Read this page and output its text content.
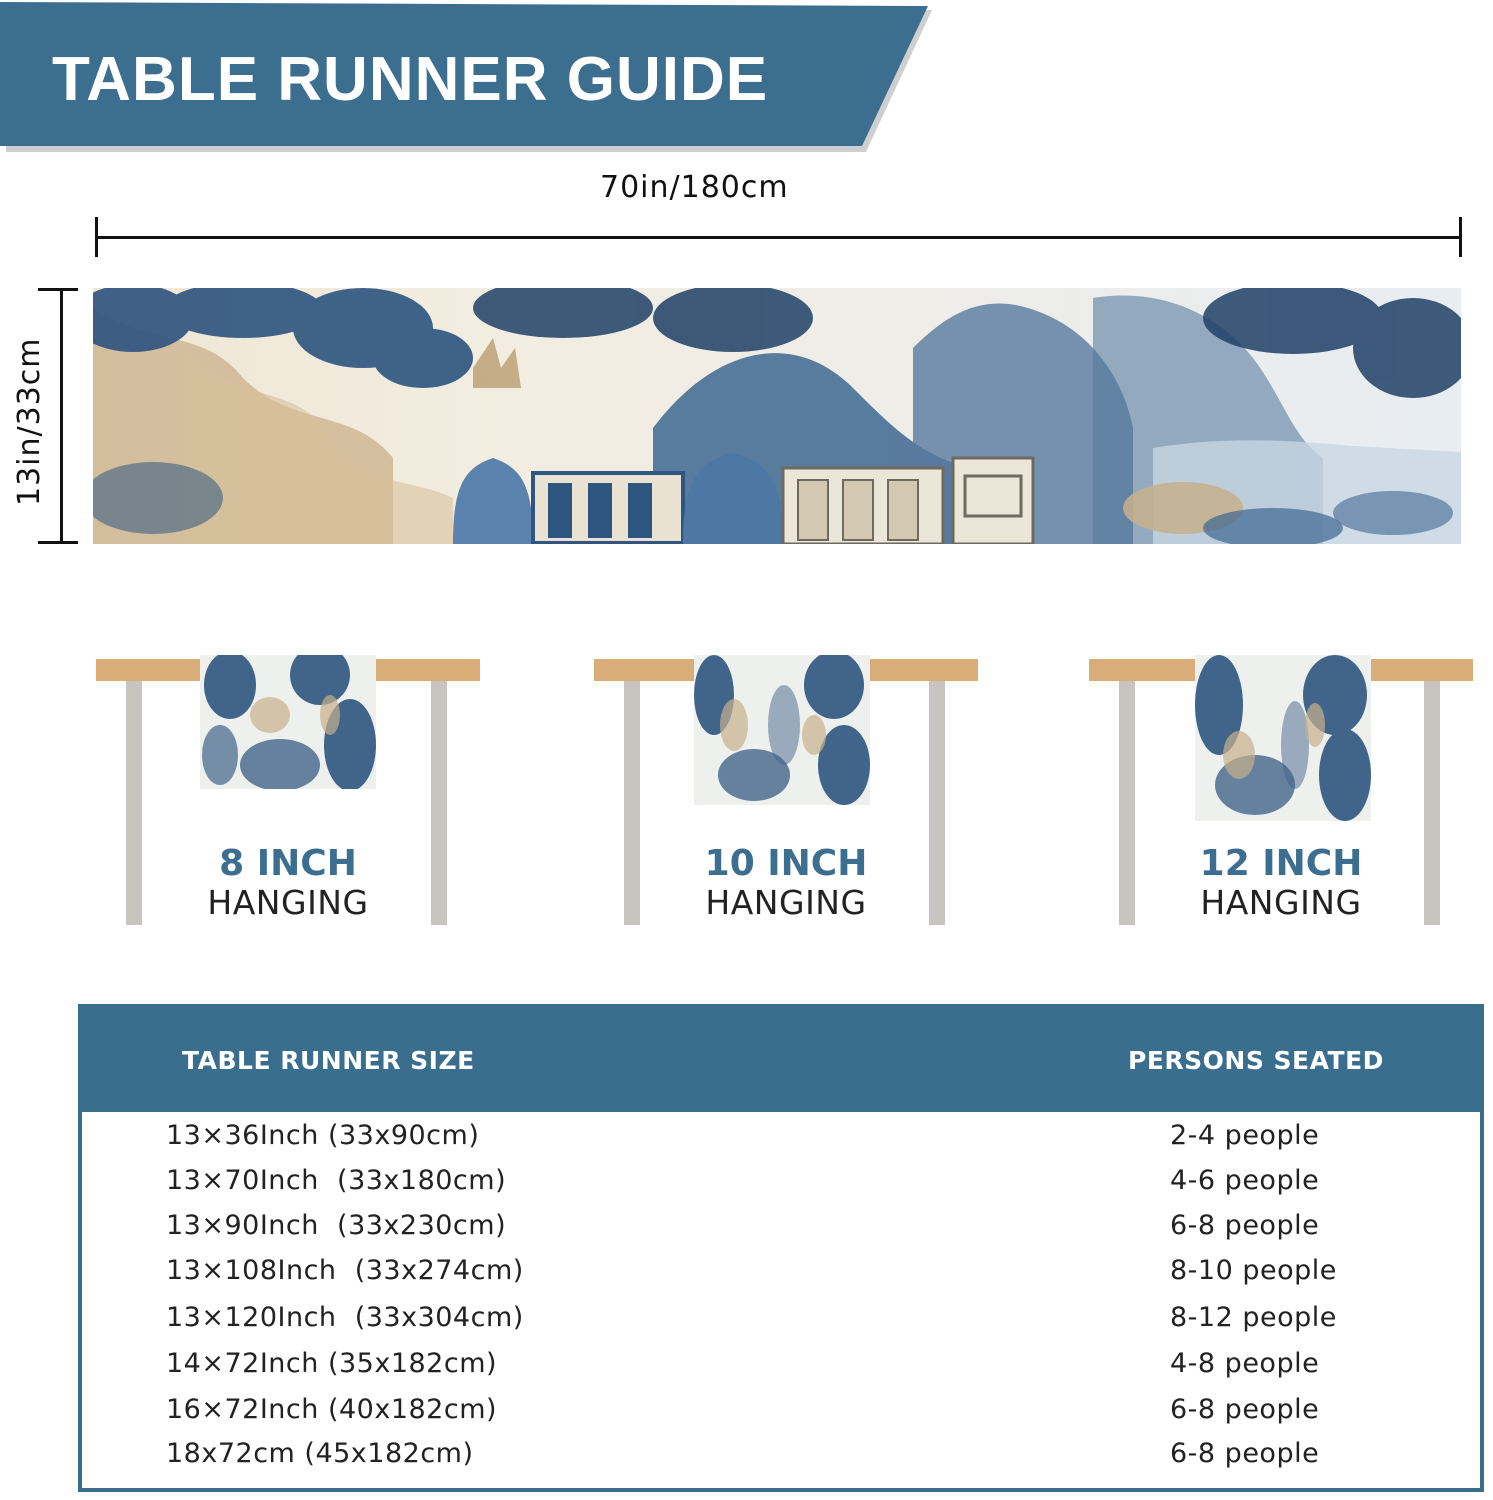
TABLE RUNNER GUIDE
70in/180cm
13in/33cm
8 INCH
HANGING
10 INCH
HANGING
12 INCH
HANGING
TABLE RUNNER SIZE	PERSONS SEATED
13×36Inch (33x90cm)	2-4 people
13×70Inch  (33x180cm)	4-6 people
13×90Inch  (33x230cm)	6-8 people
13×108Inch  (33x274cm)	8-10 people
13×120Inch  (33x304cm)	8-12 people
14×72Inch (35x182cm)	4-8 people
16×72Inch (40x182cm)	6-8 people
18x72cm (45x182cm)	6-8 people
